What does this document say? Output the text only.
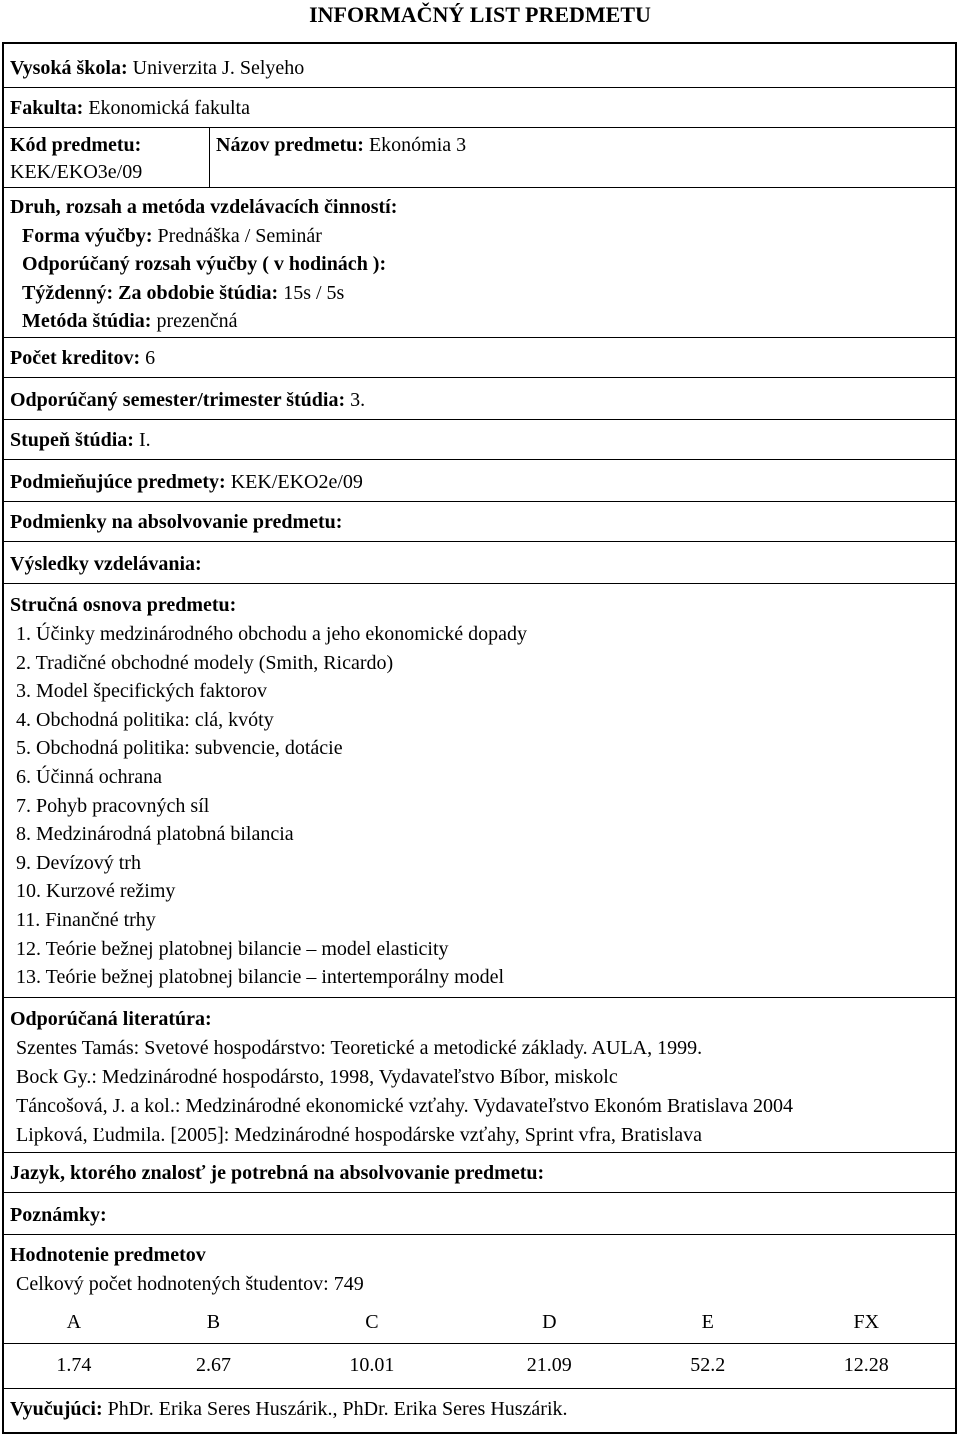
INFORMAČNÝ LIST PREDMETU
Vysoká škola: Univerzita J. Selyeho
Fakulta: Ekonomická fakulta
Kód predmetu:
KEK/EKO3e/09
Názov predmetu: Ekonómia 3
Druh, rozsah a metóda vzdelávacích činností:
Forma výučby: Prednáška / Seminár
Odporúčaný rozsah výučby ( v hodinách ):
Týždenný: Za obdobie štúdia: 15s / 5s
Metóda štúdia: prezenčná
Počet kreditov: 6
Odporúčaný semester/trimester štúdia: 3.
Stupeň štúdia: I.
Podmieňujúce predmety: KEK/EKO2e/09
Podmienky na absolvovanie predmetu:
Výsledky vzdelávania:
Stručná osnova predmetu:
1. Účinky medzinárodného obchodu a jeho ekonomické dopady
2. Tradičné obchodné modely (Smith, Ricardo)
3. Model špecifických faktorov
4. Obchodná politika: clá, kvóty
5. Obchodná politika: subvencie, dotácie
6. Účinná ochrana
7. Pohyb pracovných síl
8. Medzinárodná platobná bilancia
9. Devízový trh
10. Kurzové režimy
11. Finančné trhy
12. Teórie bežnej platobnej bilancie – model elasticity
13. Teórie bežnej platobnej bilancie – intertemporálny model
Odporúčaná literatúra:
Szentes Tamás: Svetové hospodárstvo: Teoretické a metodické základy. AULA, 1999.
Bock Gy.: Medzinárodné hospodársto, 1998, Vydavateľstvo Bíbor, miskolc
Táncošová, J. a kol.: Medzinárodné ekonomické vzťahy. Vydavateľstvo Ekonóm Bratislava 2004
Lipková, Ľudmila. [2005]: Medzinárodné hospodárske vzťahy, Sprint vfra, Bratislava
Jazyk, ktorého znalosť je potrebná na absolvovanie predmetu:
Poznámky:
Hodnotenie predmetov
Celkový počet hodnotených študentov: 749
A	B	C	D	E	FX
1.74	2.67	10.01	21.09	52.2	12.28
Vyučujúci: PhDr. Erika Seres Huszárik., PhDr. Erika Seres Huszárik.
